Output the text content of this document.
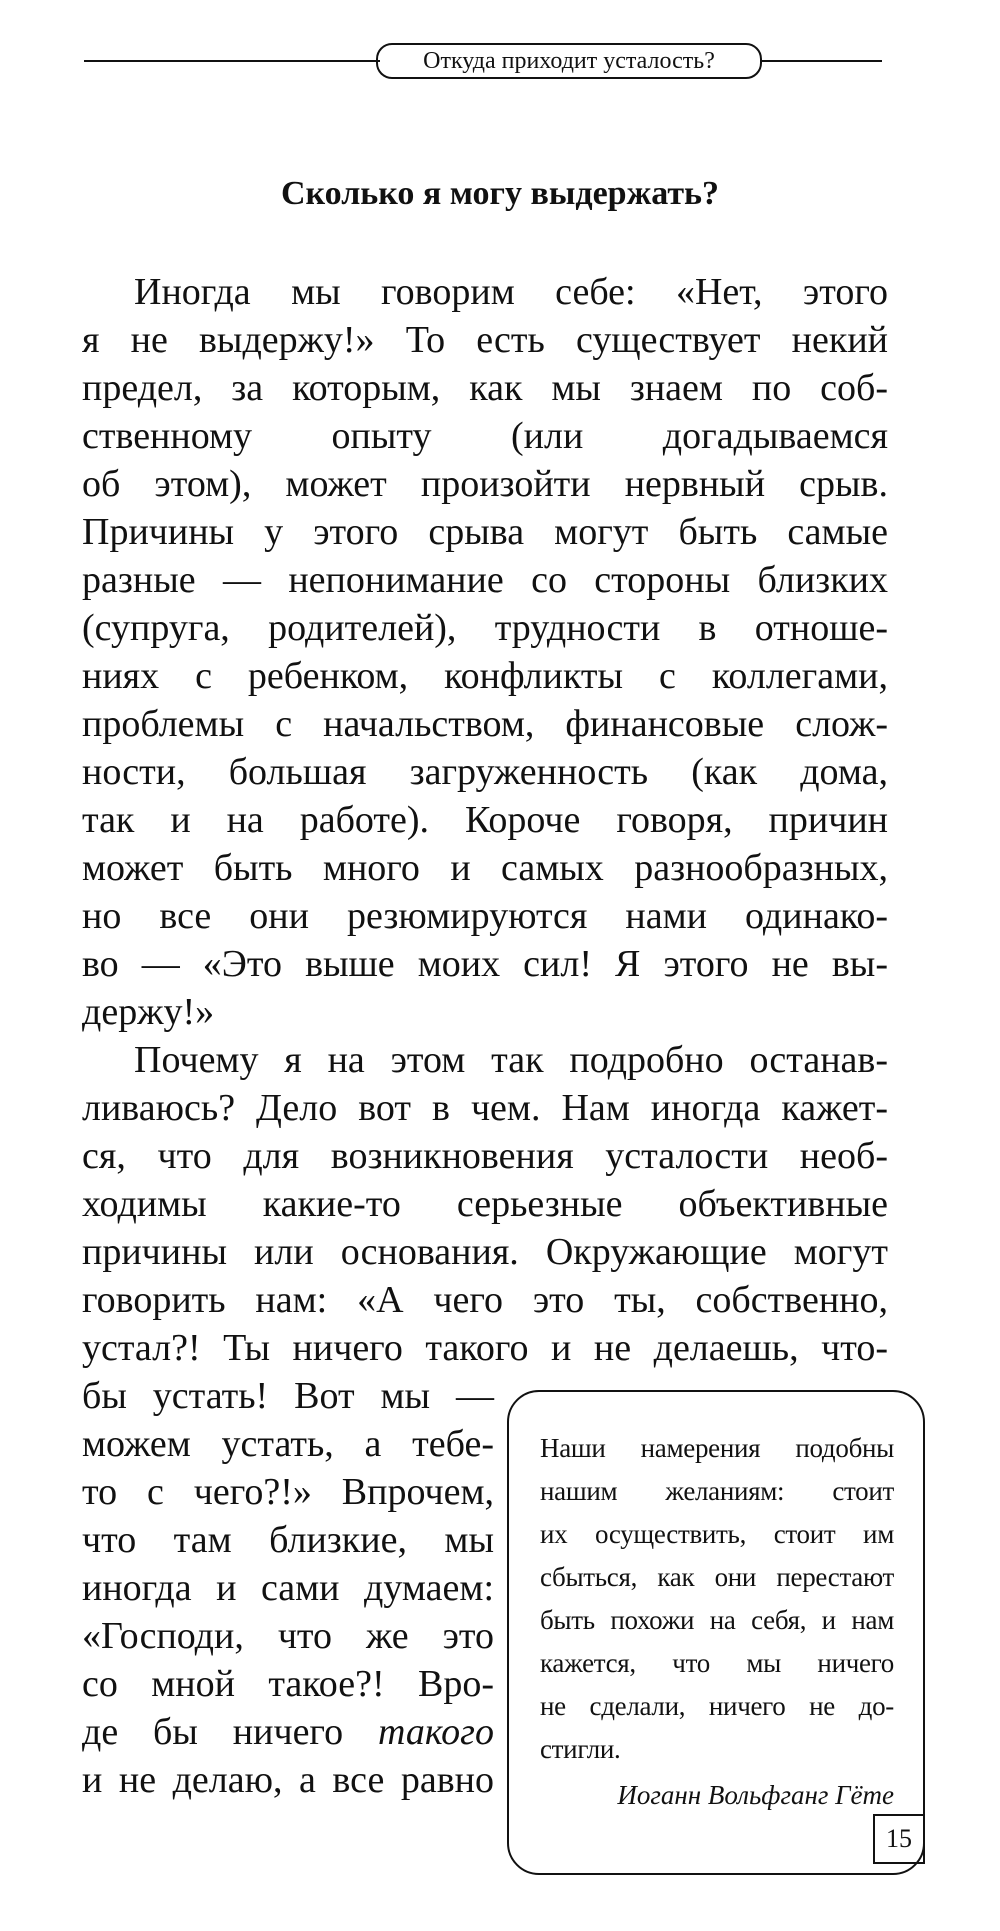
Откуда приходит усталость?
Сколько я могу выдержать?
Иногда мы говорим себе: «Нет, этого
я не выдержу!» То есть существует некий
предел, за которым, как мы знаем по соб-
ственному опыту (или догадываемся
об этом), может произойти нервный срыв.
Причины у этого срыва могут быть самые
разные — непонимание со стороны близких
(супруга, родителей), трудности в отноше-
ниях с ребенком, конфликты с коллегами,
проблемы с начальством, финансовые слож-
ности, большая загруженность (как дома,
так и на работе). Короче говоря, причин
может быть много и самых разнообразных,
но все они резюмируются нами одинако-
во — «Это выше моих сил! Я этого не вы-
держу!»
Почему я на этом так подробно останав-
ливаюсь? Дело вот в чем. Нам иногда кажет-
ся, что для возникновения усталости необ-
ходимы какие-то серьезные объективные
причины или основания. Окружающие могут
говорить нам: «А чего это ты, собственно,
устал?! Ты ничего такого и не делаешь, что-
бы устать! Вот мы —
можем устать, а тебе-
то с чего?!» Впрочем,
что там близкие, мы
иногда и сами думаем:
«Господи, что же это
со мной такое?! Вро-
де бы ничего такого
и не делаю, а все равно
Наши намерения подобны
нашим желаниям: стоит
их осуществить, стоит им
сбыться, как они перестают
быть похожи на себя, и нам
кажется, что мы ничего
не сделали, ничего не до-
стигли.
Иоганн Вольфганг Гёте
15
